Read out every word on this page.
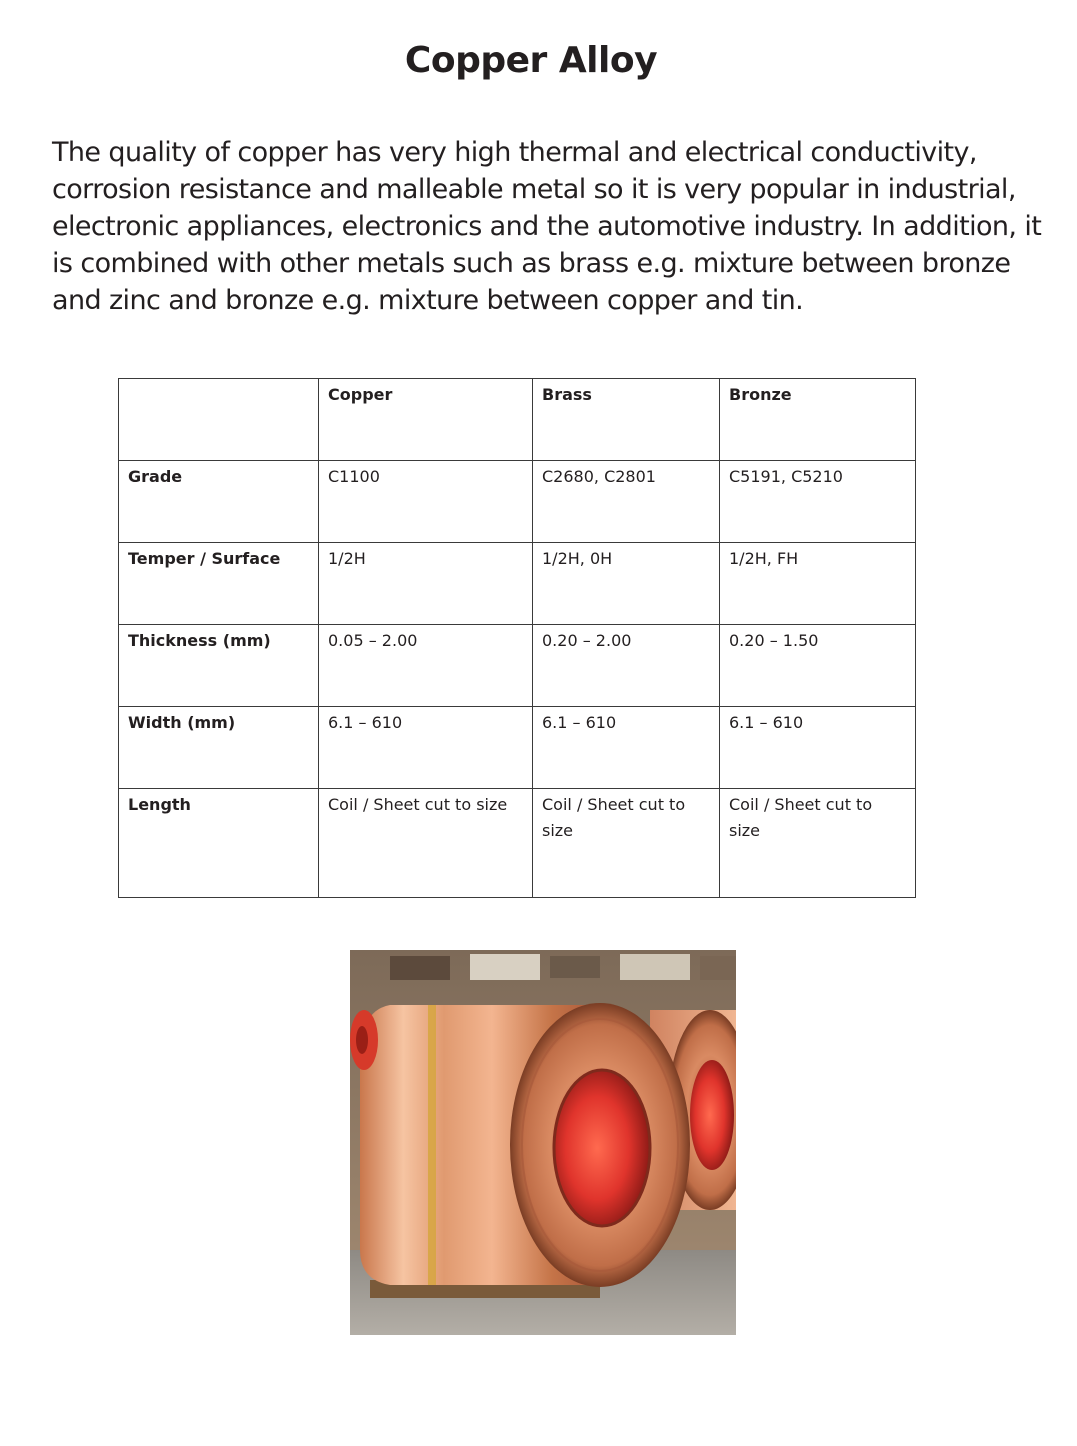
Copper Alloy

The quality of copper has very high thermal and electrical conductivity, corrosion resistance and malleable metal so it is very popular in industrial, electronic appliances, electronics and the automotive industry. In addition, it is combined with other metals such as brass e.g. mixture between bronze and zinc and bronze e.g. mixture between copper and tin.

	Copper	Brass	Bronze
Grade	C1100	C2680, C2801	C5191, C5210
Temper / Surface	1/2H	1/2H, 0H	1/2H, FH
Thickness (mm)	0.05 – 2.00	0.20 – 2.00	0.20 – 1.50
Width (mm)	6.1 – 610	6.1 – 610	6.1 – 610
Length	Coil / Sheet cut to size	Coil / Sheet cut to size	Coil / Sheet cut to size
